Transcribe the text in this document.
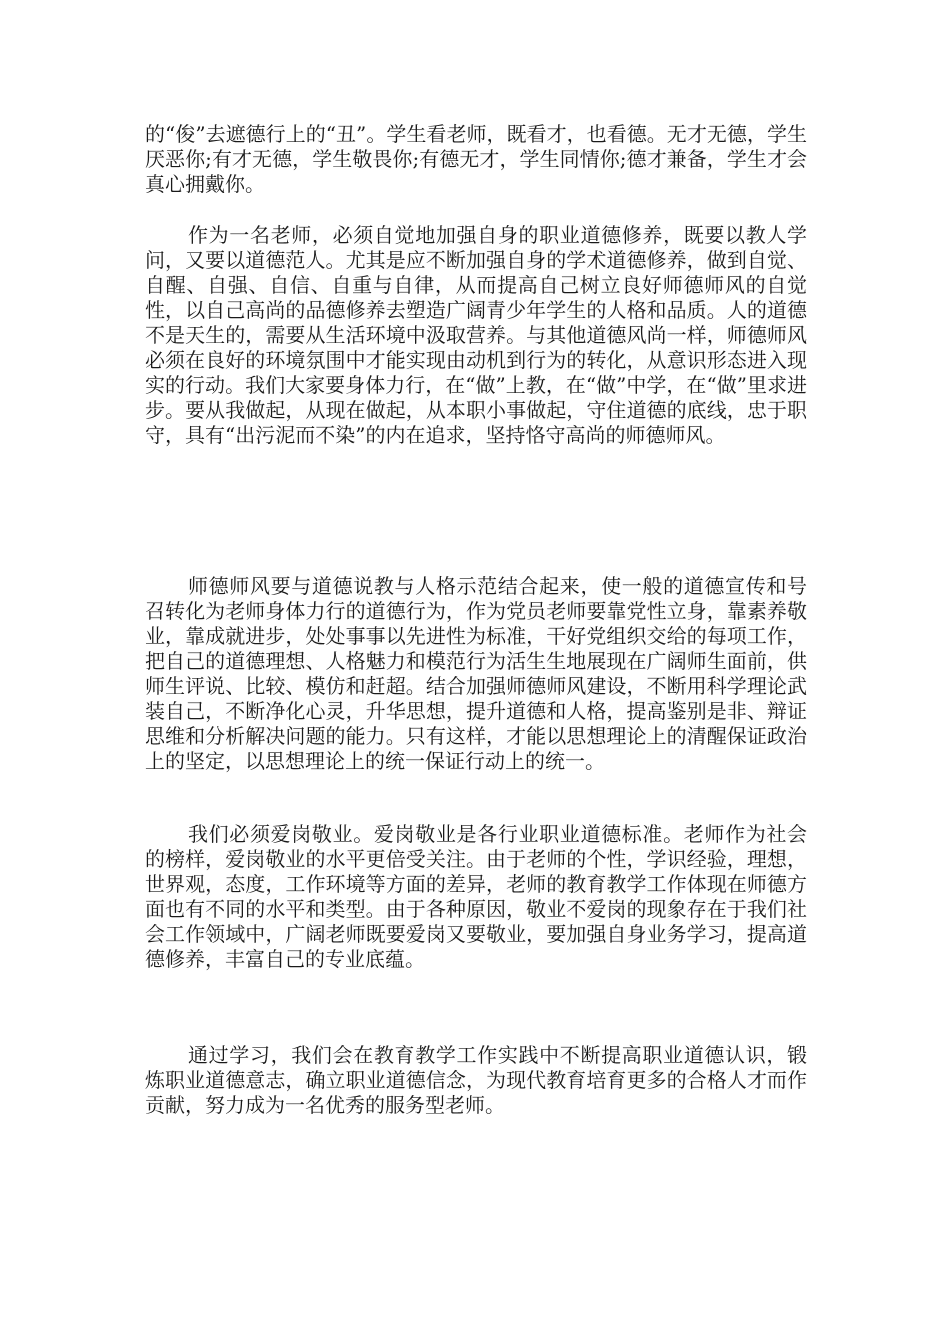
的“俊”去遮德行上的“丑”。学生看老师，既看才，也看德。无才无德，学生厌恶你;有才无德，学生敬畏你;有德无才，学生同情你;德才兼备，学生才会真心拥戴你。

作为一名老师，必须自觉地加强自身的职业道德修养，既要以教人学问，又要以道德范人。尤其是应不断加强自身的学术道德修养，做到自觉、自醒、自强、自信、自重与自律，从而提高自己树立良好师德师风的自觉性，以自己高尚的品德修养去塑造广阔青少年学生的人格和品质。人的道德不是天生的，需要从生活环境中汲取营养。与其他道德风尚一样，师德师风必须在良好的环境氛围中才能实现由动机到行为的转化，从意识形态进入现实的行动。我们大家要身体力行，在“做”上教，在“做”中学，在“做”里求进步。要从我做起，从现在做起，从本职小事做起，守住道德的底线，忠于职守，具有“出污泥而不染”的内在追求，坚持恪守高尚的师德师风。

师德师风要与道德说教与人格示范结合起来，使一般的道德宣传和号召转化为老师身体力行的道德行为，作为党员老师要靠党性立身，靠素养敬业，靠成就进步，处处事事以先进性为标准，干好党组织交给的每项工作，把自己的道德理想、人格魅力和模范行为活生生地展现在广阔师生面前，供师生评说、比较、模仿和赶超。结合加强师德师风建设，不断用科学理论武装自己，不断净化心灵，升华思想，提升道德和人格，提高鉴别是非、辩证思维和分析解决问题的能力。只有这样，才能以思想理论上的清醒保证政治上的坚定，以思想理论上的统一保证行动上的统一。

我们必须爱岗敬业。爱岗敬业是各行业职业道德标准。老师作为社会的榜样，爱岗敬业的水平更倍受关注。由于老师的个性，学识经验，理想，世界观，态度，工作环境等方面的差异，老师的教育教学工作体现在师德方面也有不同的水平和类型。由于各种原因，敬业不爱岗的现象存在于我们社会工作领域中，广阔老师既要爱岗又要敬业，要加强自身业务学习，提高道德修养，丰富自己的专业底蕴。

通过学习，我们会在教育教学工作实践中不断提高职业道德认识，锻炼职业道德意志，确立职业道德信念，为现代教育培育更多的合格人才而作贡献，努力成为一名优秀的服务型老师。
